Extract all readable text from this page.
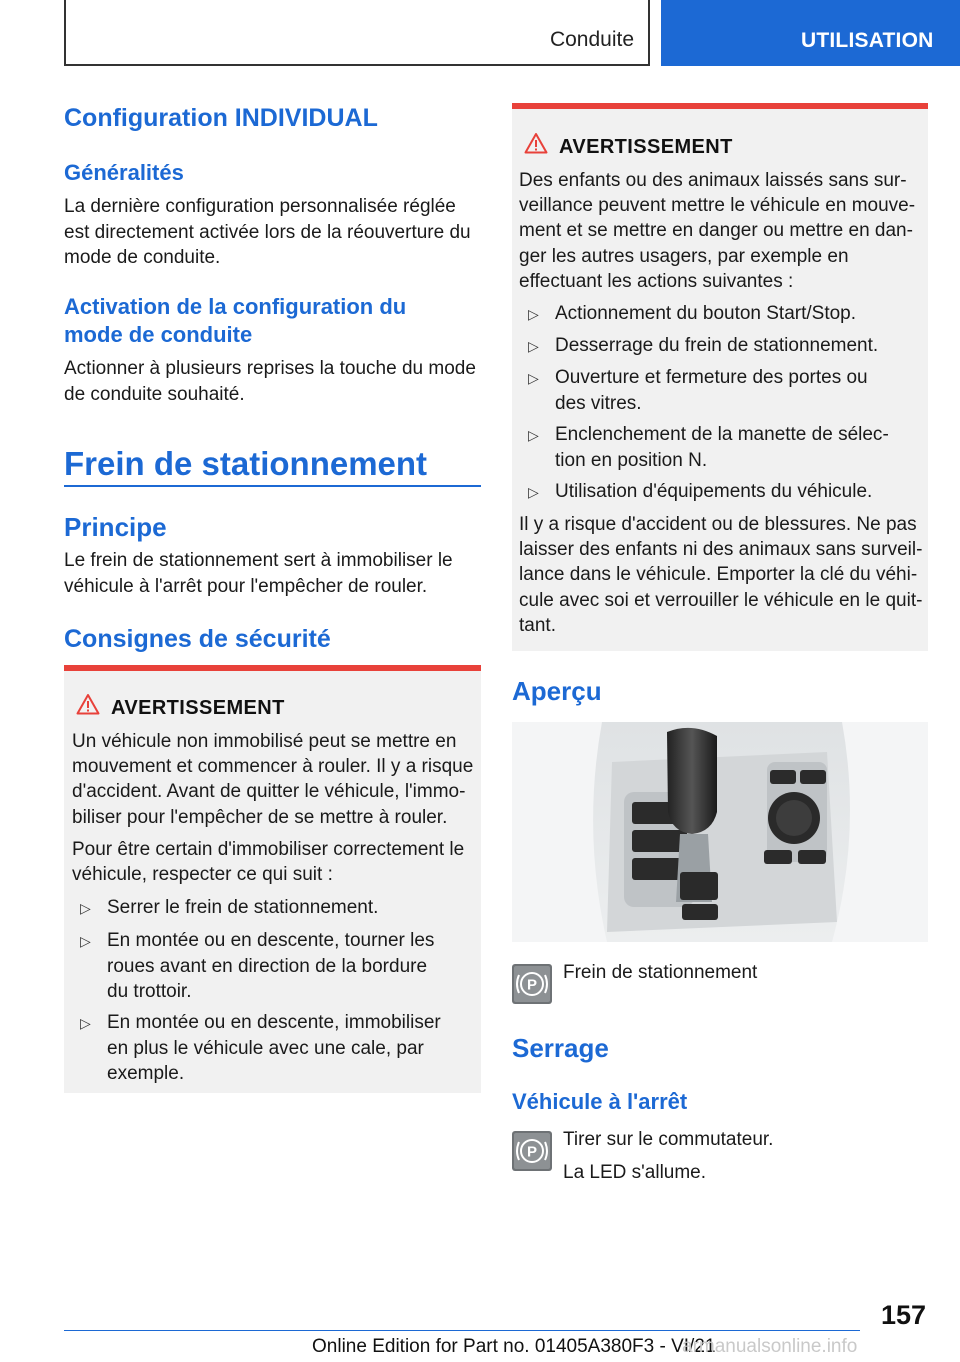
Conduite	UTILISATION
Configuration INDIVIDUAL
Généralités
La dernière configuration personnalisée réglée est directement activée lors de la réouverture du mode de conduite.
Activation de la configuration du
mode de conduite
Actionner à plusieurs reprises la touche du mode de conduite souhaité.
Frein de stationnement
Principe
Le frein de stationnement sert à immobiliser le véhicule à l'arrêt pour l'empêcher de rouler.
Consignes de sécurité
AVERTISSEMENT
Un véhicule non immobilisé peut se mettre en mouvement et commencer à rouler. Il y a risque d'accident. Avant de quitter le véhicule, l'immobiliser pour l'empêcher de se mettre à rouler.
Pour être certain d'immobiliser correctement le véhicule, respecter ce qui suit :
▷ Serrer le frein de stationnement.
▷ En montée ou en descente, tourner les roues avant en direction de la bordure du trottoir.
▷ En montée ou en descente, immobiliser en plus le véhicule avec une cale, par exemple.
AVERTISSEMENT
Des enfants ou des animaux laissés sans surveillance peuvent mettre le véhicule en mouvement et se mettre en danger ou mettre en danger les autres usagers, par exemple en effectuant les actions suivantes :
▷ Actionnement du bouton Start/Stop.
▷ Desserrage du frein de stationnement.
▷ Ouverture et fermeture des portes ou des vitres.
▷ Enclenchement de la manette de sélection en position N.
▷ Utilisation d'équipements du véhicule.
Il y a risque d'accident ou de blessures. Ne pas laisser des enfants ni des animaux sans surveillance dans le véhicule. Emporter la clé du véhicule avec soi et verrouiller le véhicule en le quittant.
Aperçu
P
Frein de stationnement
Serrage
Véhicule à l'arrêt
P
Tirer sur le commutateur.
La LED s'allume.
157
Online Edition for Part no. 01405A380F3 - VI/21
armanualsonline.info
